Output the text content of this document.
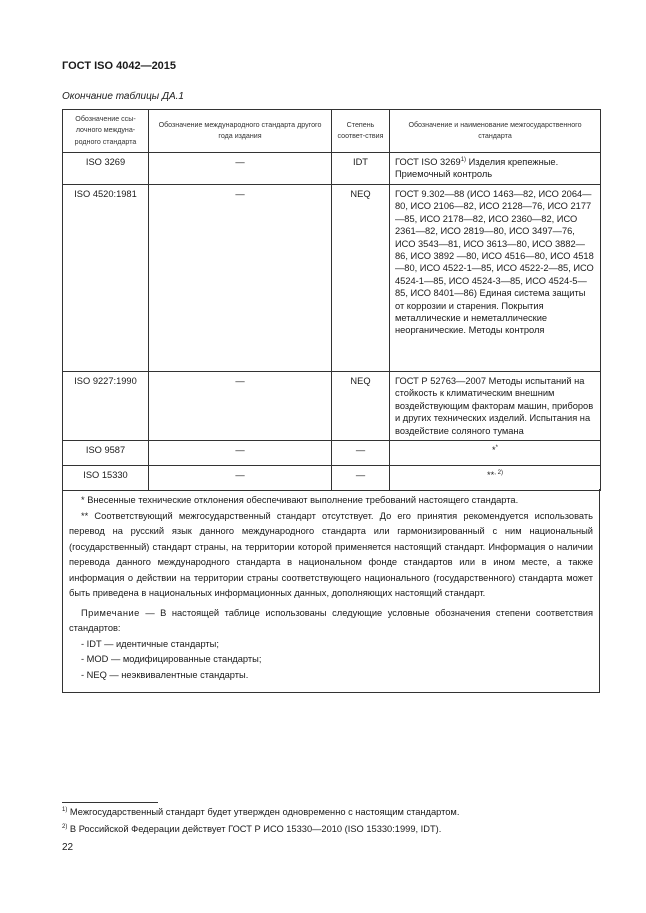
ГОСТ ISO 4042—2015
Окончание таблицы ДА.1
Обозначение ссы-лочного междуна-родного стандарта	Обозначение международного стандарта другого года издания	Степень соответ-ствия	Обозначение и наименование межгосударственного стандарта
ISO 3269	—	IDT	ГОСТ ISO 3269$^{1)}$ Изделия крепежные. Приемочный контроль
ISO 4520:1981	—	NEQ	ГОСТ 9.302—88 (ИСО 1463—82, ИСО 2064—80, ИСО 2106—82, ИСО 2128—76, ИСО 2177—85, ИСО 2178—82, ИСО 2360—82, ИСО 2361—82, ИСО 2819—80, ИСО 3497—76, ИСО 3543—81, ИСО 3613—80, ИСО 3882—86, ИСО 3892 —80, ИСО 4516—80, ИСО 4518—80, ИСО 4522-1—85, ИСО 4522-2—85, ИСО 4524-1—85, ИСО 4524-3—85, ИСО 4524-5—85, ИСО 8401—86) Единая система защиты от коррозии и старения. Покрытия металлические и неметаллические неорганические. Методы контроля
ISO 9227:1990	—	NEQ	ГОСТ Р 52763—2007 Методы испытаний на стойкость к климатическим внешним воздействующим факторам машин, приборов и других технических изделий. Испытания на воздействие соляного тумана
ISO 9587	—	—	**
ISO 15330	—	—	**$^{, 2)}$

* Внесенные технические отклонения обеспечивают выполнение требований настоящего стандарта.

** Соответствующий межгосударственный стандарт отсутствует. До его принятия рекомендуется использовать перевод на русский язык данного международного стандарта или гармонизированный с ним национальный (государственный) стандарт страны, на территории которой применяется настоящий стандарт. Информация о наличии перевода данного международного стандарта в национальном фонде стандартов или в ином месте, а также информация о действии на территории страны соответствующего национального (государственного) стандарта может быть приведена в национальных информационных данных, дополняющих настоящий стандарт.

Примечание — В настоящей таблице использованы следующие условные обозначения степени соответствия стандартов:

- IDT — идентичные стандарты;

- MOD — модифицированные стандарты;

- NEQ — неэквивалентные стандарты.

$^{1)}$ Межгосударственный стандарт будет утвержден одновременно с настоящим стандартом.
$^{2)}$ В Российской Федерации действует ГОСТ Р ИСО 15330—2010 (ISO 15330:1999, IDT).
22
